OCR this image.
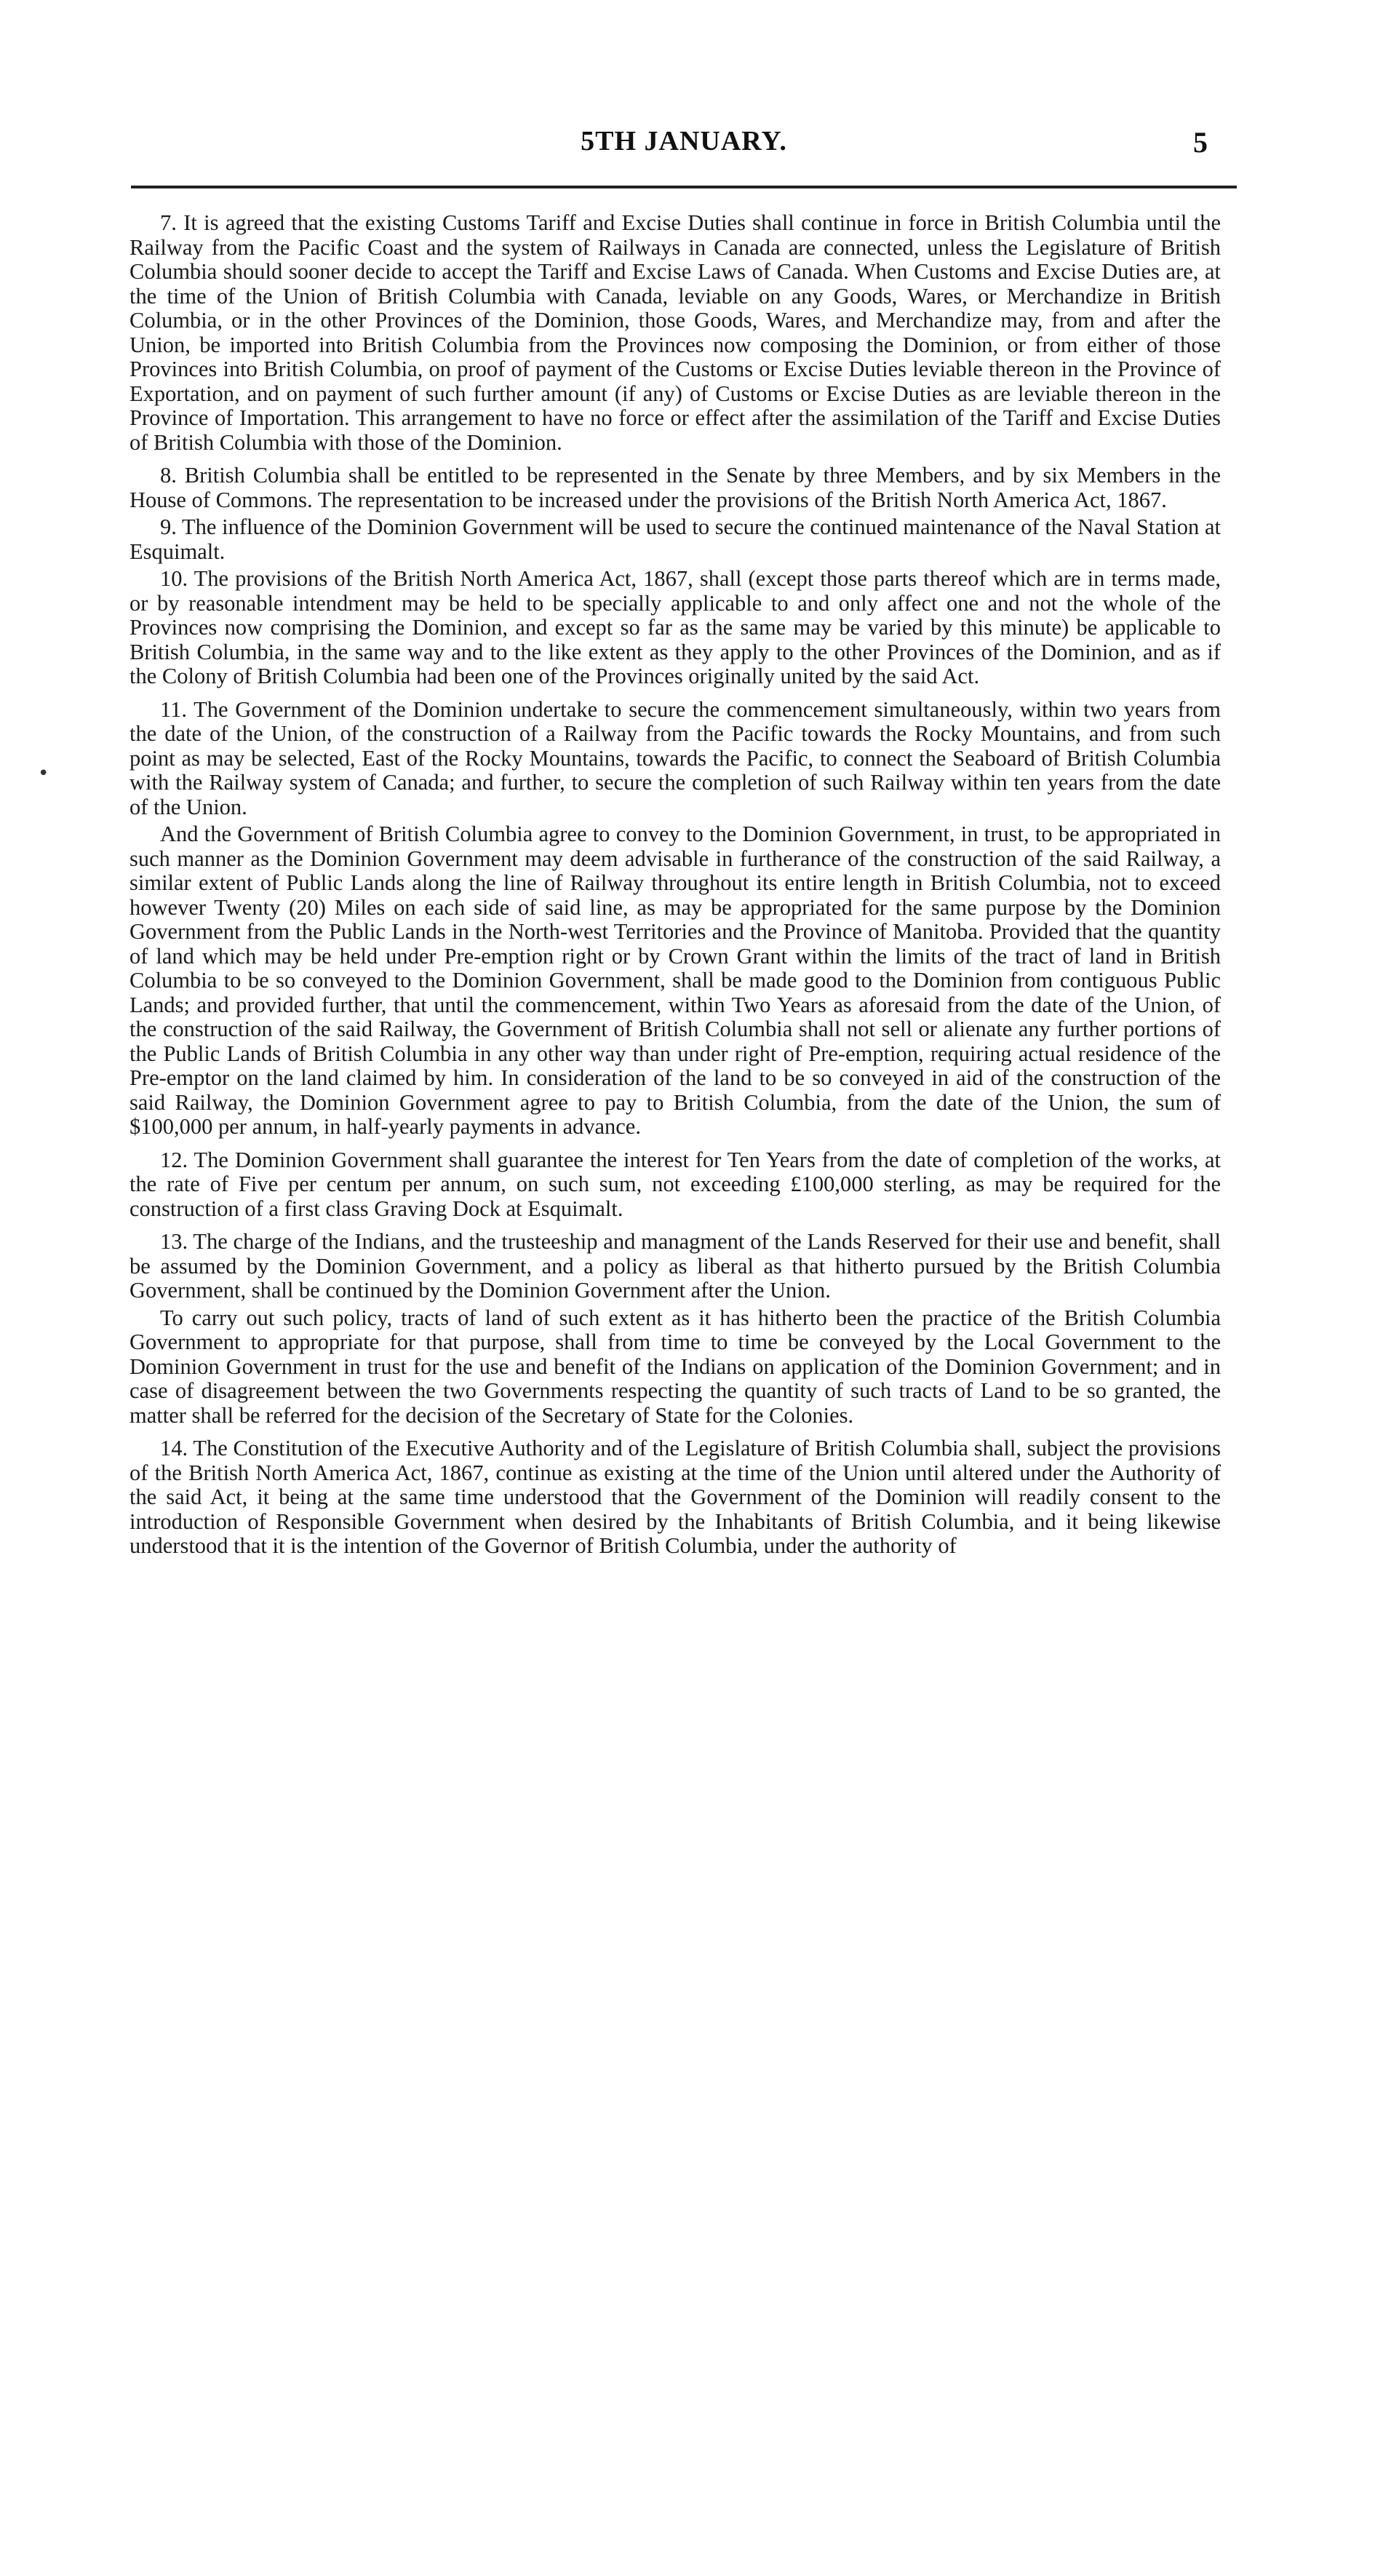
5TH JANUARY.	5
•

7. It is agreed that the existing Customs Tariff and Excise Duties shall continue in force in British Columbia until the Railway from the Pacific Coast and the system of Railways in Canada are connected, unless the Legislature of British Columbia should sooner decide to accept the Tariff and Excise Laws of Canada. When Customs and Excise Duties are, at the time of the Union of British Columbia with Canada, leviable on any Goods, Wares, or Merchandize in British Columbia, or in the other Provinces of the Dominion, those Goods, Wares, and Merchandize may, from and after the Union, be imported into British Columbia from the Provinces now composing the Dominion, or from either of those Provinces into British Columbia, on proof of payment of the Customs or Excise Duties leviable thereon in the Province of Exportation, and on payment of such further amount (if any) of Customs or Excise Duties as are leviable thereon in the Province of Importation. This arrangement to have no force or effect after the assimilation of the Tariff and Excise Duties of British Columbia with those of the Dominion.

8. British Columbia shall be entitled to be represented in the Senate by three Members, and by six Members in the House of Commons. The representation to be increased under the provisions of the British North America Act, 1867.

9. The influence of the Dominion Government will be used to secure the continued maintenance of the Naval Station at Esquimalt.

10. The provisions of the British North America Act, 1867, shall (except those parts thereof which are in terms made, or by reasonable intendment may be held to be specially applicable to and only affect one and not the whole of the Provinces now comprising the Dominion, and except so far as the same may be varied by this minute) be applicable to British Columbia, in the same way and to the like extent as they apply to the other Provinces of the Dominion, and as if the Colony of British Columbia had been one of the Provinces originally united by the said Act.

11. The Government of the Dominion undertake to secure the commencement simultaneously, within two years from the date of the Union, of the construction of a Railway from the Pacific towards the Rocky Mountains, and from such point as may be selected, East of the Rocky Mountains, towards the Pacific, to connect the Seaboard of British Columbia with the Railway system of Canada; and further, to secure the completion of such Railway within ten years from the date of the Union.

And the Government of British Columbia agree to convey to the Dominion Government, in trust, to be appropriated in such manner as the Dominion Government may deem advisable in furtherance of the construction of the said Railway, a similar extent of Public Lands along the line of Railway throughout its entire length in British Columbia, not to exceed however Twenty (20) Miles on each side of said line, as may be appropriated for the same purpose by the Dominion Government from the Public Lands in the North-west Territories and the Province of Manitoba. Provided that the quantity of land which may be held under Pre-emption right or by Crown Grant within the limits of the tract of land in British Columbia to be so conveyed to the Dominion Government, shall be made good to the Dominion from contiguous Public Lands; and provided further, that until the commencement, within Two Years as aforesaid from the date of the Union, of the construction of the said Railway, the Government of British Columbia shall not sell or alienate any further portions of the Public Lands of British Columbia in any other way than under right of Pre-emption, requiring actual residence of the Pre-emptor on the land claimed by him. In consideration of the land to be so conveyed in aid of the construction of the said Railway, the Dominion Government agree to pay to British Columbia, from the date of the Union, the sum of $100,000 per annum, in half-yearly payments in advance.

12. The Dominion Government shall guarantee the interest for Ten Years from the date of completion of the works, at the rate of Five per centum per annum, on such sum, not exceeding £100,000 sterling, as may be required for the construction of a first class Graving Dock at Esquimalt.

13. The charge of the Indians, and the trusteeship and managment of the Lands Reserved for their use and benefit, shall be assumed by the Dominion Government, and a policy as liberal as that hitherto pursued by the British Columbia Government, shall be continued by the Dominion Government after the Union.

To carry out such policy, tracts of land of such extent as it has hitherto been the practice of the British Columbia Government to appropriate for that purpose, shall from time to time be conveyed by the Local Government to the Dominion Government in trust for the use and benefit of the Indians on application of the Dominion Government; and in case of disagreement between the two Governments respecting the quantity of such tracts of Land to be so granted, the matter shall be referred for the decision of the Secretary of State for the Colonies.

14. The Constitution of the Executive Authority and of the Legislature of British Columbia shall, subject the provisions of the British North America Act, 1867, continue as existing at the time of the Union until altered under the Authority of the said Act, it being at the same time understood that the Government of the Dominion will readily consent to the introduction of Responsible Government when desired by the Inhabitants of British Columbia, and it being likewise understood that it is the intention of the Governor of British Columbia, under the authority of
